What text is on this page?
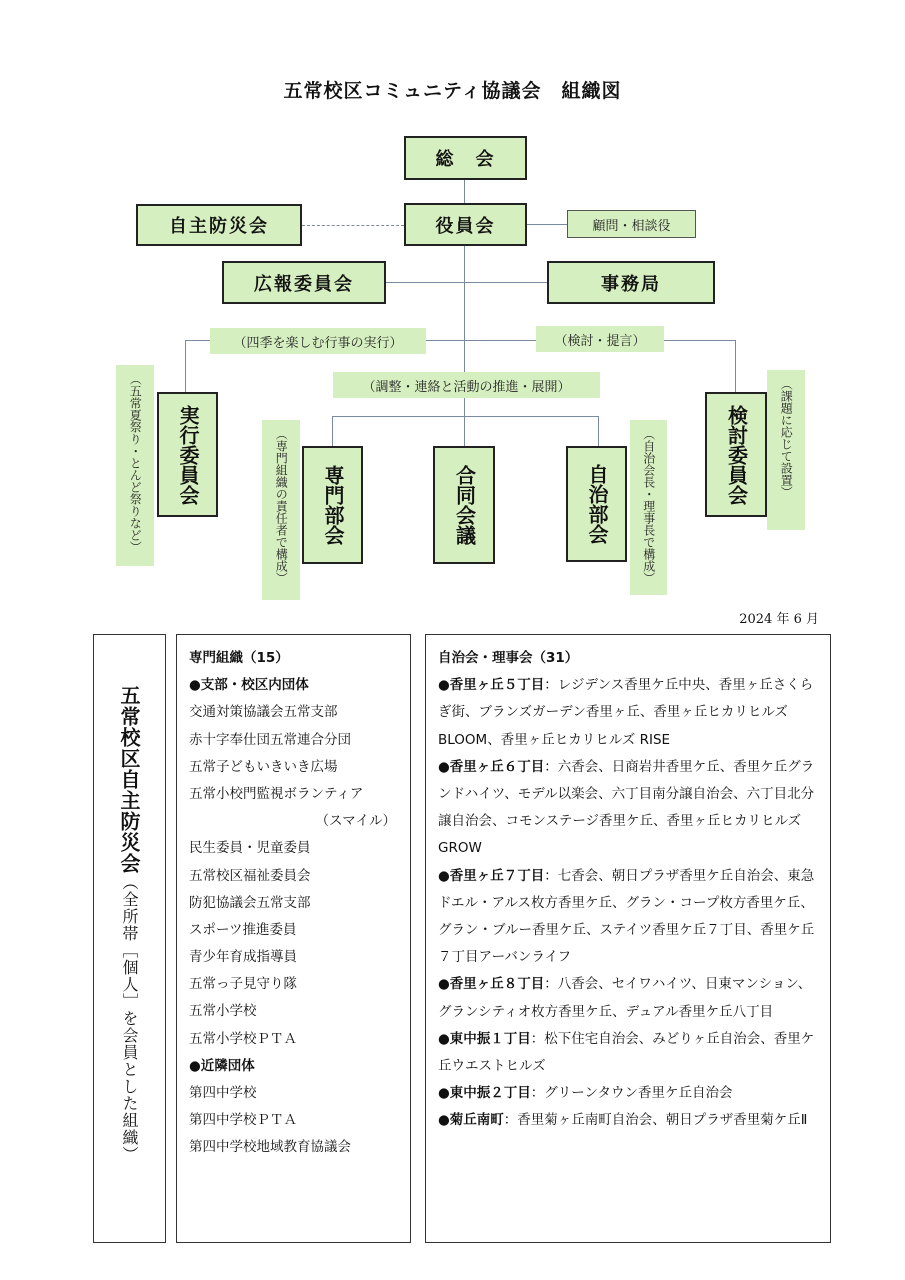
五常校区コミュニティ協議会　組織図
総　会
役員会
自主防災会	顧問・相談役
広報委員会	事務局
（四季を楽しむ行事の実行）	（検討・提言）
（調整・連絡と活動の推進・展開）
実行委員会
（五常夏祭り・とんど祭りなど）	専門部会
（専門組織の責任者で構成）	合同会議	自治部会	（自治会長・理事長で構成）	検討委員会	（課題に応じて設置）
2024 年 6 月
五常校区自主防災会（全所帯［個人］を会員とした組織）
専門組織（15）
●支部・校区内団体
交通対策協議会五常支部
赤十字奉仕団五常連合分団
五常子どもいきいき広場
五常小校門監視ボランティア
（スマイル）
民生委員・児童委員
五常校区福祉委員会
防犯協議会五常支部
スポーツ推進委員
青少年育成指導員
五常っ子見守り隊
五常小学校
五常小学校ＰＴＡ
●近隣団体
第四中学校
第四中学校ＰＴＡ
第四中学校地域教育協議会
自治会・理事会（31）
●香里ヶ丘５丁目：レジデンス香里ケ丘中央、香里ヶ丘さくらぎ街、ブランズガーデン香里ヶ丘、香里ヶ丘ヒカリヒルズ BLOOM、香里ヶ丘ヒカリヒルズ RISE
●香里ヶ丘６丁目：六香会、日商岩井香里ケ丘、香里ケ丘グランドハイツ、モデル以楽会、六丁目南分譲自治会、六丁目北分譲自治会、コモンステージ香里ケ丘、香里ヶ丘ヒカリヒルズ GROW
●香里ヶ丘７丁目：七香会、朝日プラザ香里ケ丘自治会、東急ドエル・アルス枚方香里ケ丘、グラン・コープ枚方香里ケ丘、グラン・ブルー香里ケ丘、ステイツ香里ケ丘７丁目、香里ケ丘７丁目アーバンライフ
●香里ヶ丘８丁目：八香会、セイワハイツ、日東マンション、グランシティオ枚方香里ケ丘、デュアル香里ケ丘八丁目
●東中振１丁目：松下住宅自治会、みどりヶ丘自治会、香里ケ丘ウエストヒルズ
●東中振２丁目：グリーンタウン香里ケ丘自治会
●菊丘南町：香里菊ヶ丘南町自治会、朝日プラザ香里菊ケ丘Ⅱ
